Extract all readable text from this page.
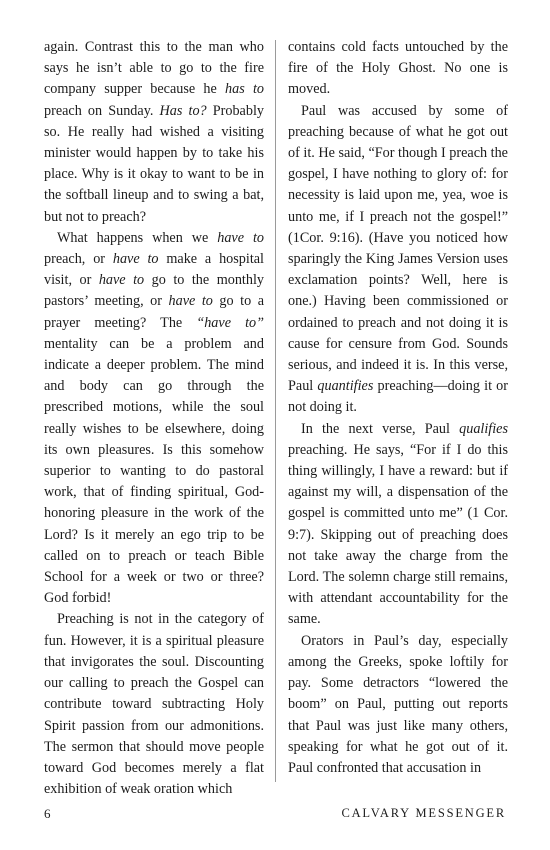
again. Contrast this to the man who says he isn’t able to go to the fire company supper because he has to preach on Sunday. Has to? Probably so. He really had wished a visiting minister would happen by to take his place. Why is it okay to want to be in the softball lineup and to swing a bat, but not to preach?

What happens when we have to preach, or have to make a hospital visit, or have to go to the monthly pastors’ meeting, or have to go to a prayer meeting? The “have to” mentality can be a problem and indicate a deeper problem. The mind and body can go through the prescribed motions, while the soul really wishes to be elsewhere, doing its own pleasures. Is this somehow superior to wanting to do pastoral work, that of finding spiritual, God-honoring pleasure in the work of the Lord? Is it merely an ego trip to be called on to preach or teach Bible School for a week or two or three? God forbid!

Preaching is not in the category of fun. However, it is a spiritual pleasure that invigorates the soul. Discounting our calling to preach the Gospel can contribute toward subtracting Holy Spirit passion from our admonitions. The sermon that should move people toward God becomes merely a flat exhibition of weak oration which

contains cold facts untouched by the fire of the Holy Ghost. No one is moved.

Paul was accused by some of preaching because of what he got out of it. He said, “For though I preach the gospel, I have nothing to glory of: for necessity is laid upon me, yea, woe is unto me, if I preach not the gospel!” (1Cor. 9:16). (Have you noticed how sparingly the King James Version uses exclamation points? Well, here is one.) Having been commissioned or ordained to preach and not doing it is cause for censure from God. Sounds serious, and indeed it is. In this verse, Paul quantifies preaching—doing it or not doing it.

In the next verse, Paul qualifies preaching. He says, “For if I do this thing willingly, I have a reward: but if against my will, a dispensation of the gospel is committed unto me” (1 Cor. 9:7). Skipping out of preaching does not take away the charge from the Lord. The solemn charge still remains, with attendant accountability for the same.

Orators in Paul’s day, especially among the Greeks, spoke loftily for pay. Some detractors “lowered the boom” on Paul, putting out reports that Paul was just like many others, speaking for what he got out of it. Paul confronted that accusation in

6	CALVARY MESSENGER
